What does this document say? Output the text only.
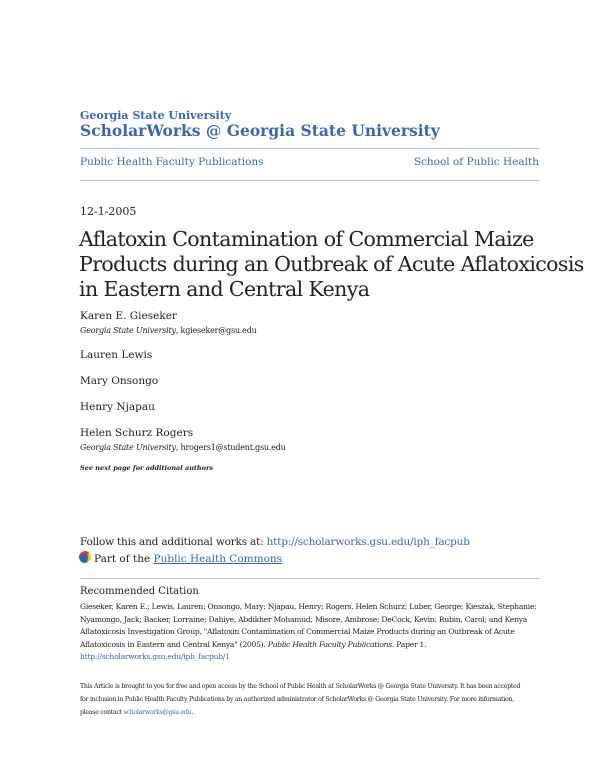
Georgia State University
ScholarWorks @ Georgia State University
Public Health Faculty Publications	School of Public Health
12-1-2005
Aflatoxin Contamination of Commercial Maize
Products during an Outbreak of Acute Aflatoxicosis
in Eastern and Central Kenya
Karen E. Gieseker
Georgia State University, kgieseker@gsu.edu
Lauren Lewis
Mary Onsongo
Henry Njapau
Helen Schurz Rogers
Georgia State University, hrogers1@student.gsu.edu
See next page for additional authors
Follow this and additional works at: http://scholarworks.gsu.edu/iph_facpub
Part of the Public Health Commons
Recommended Citation
Gieseker, Karen E.; Lewis, Lauren; Onsongo, Mary; Njapau, Henry; Rogers, Helen Schurz; Luber, George; Kieszak, Stephanie;
Nyamongo, Jack; Backer, Lorraine; Dahiye, Abdikher Mohamud; Misore, Ambrose; DeCock, Kevin; Rubin, Carol; and Kenya
Aflatoxicosis Investigation Group, "Aflatoxin Contamination of Commercial Maize Products during an Outbreak of Acute
Aflatoxicosis in Eastern and Central Kenya" (2005). Public Health Faculty Publications. Paper 1.
http://scholarworks.gsu.edu/iph_facpub/1
This Article is brought to you for free and open access by the School of Public Health at ScholarWorks @ Georgia State University. It has been accepted
for inclusion in Public Health Faculty Publications by an authorized administrator of ScholarWorks @ Georgia State University. For more information,
please contact scholarworks@gsu.edu.
